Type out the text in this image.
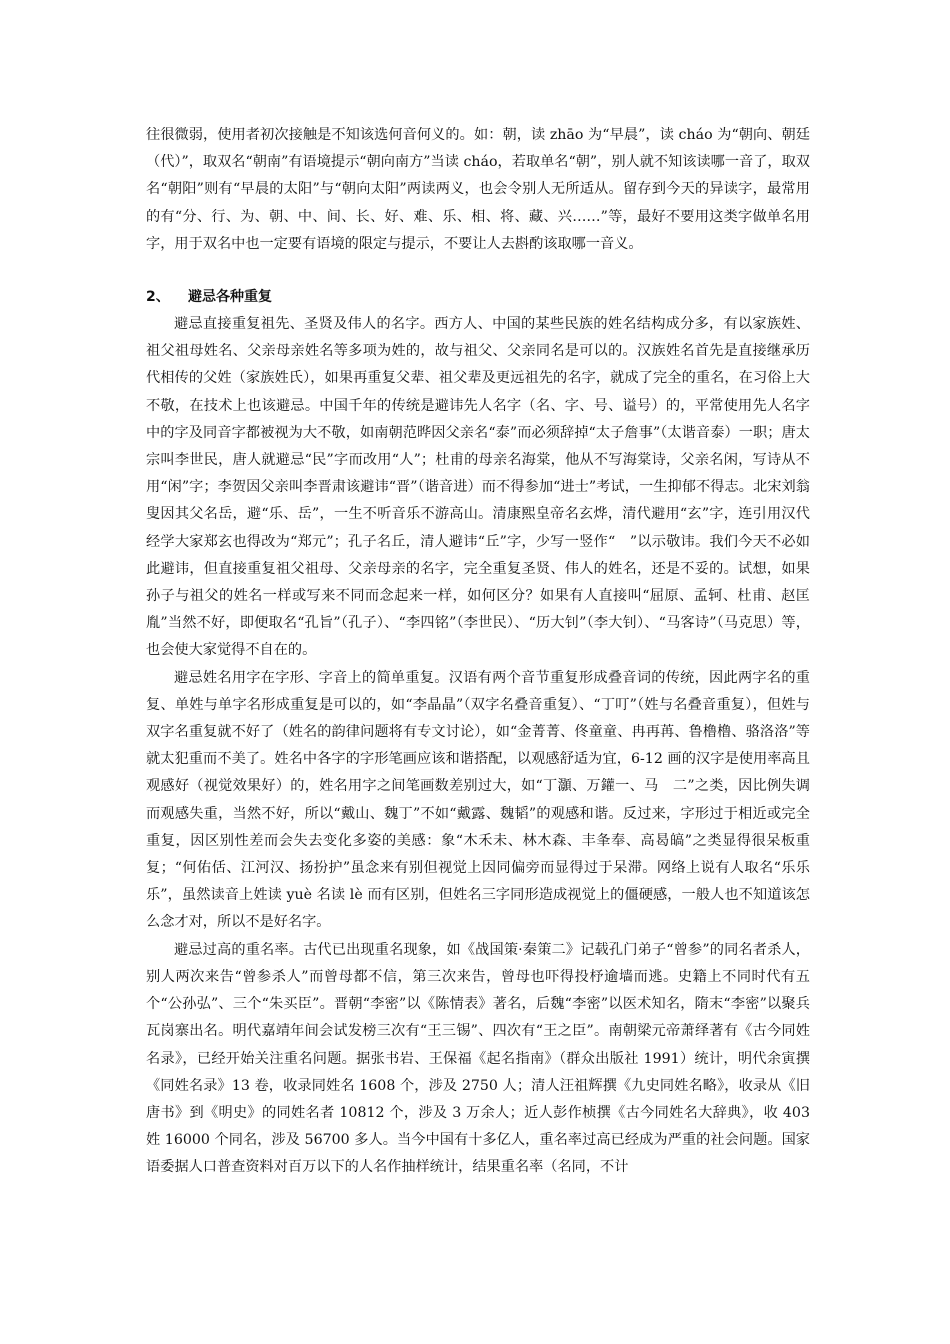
往很微弱，使用者初次接触是不知该选何音何义的。如：朝，读 zhāo 为“早晨”，读 cháo 为“朝向、朝廷（代）”，取双名“朝南”有语境提示“朝向南方”当读 cháo，若取单名“朝”，别人就不知该读哪一音了，取双名“朝阳”则有“早晨的太阳”与“朝向太阳”两读两义，也会令别人无所适从。留存到今天的异读字，最常用的有“分、行、为、朝、中、间、长、好、难、乐、相、将、藏、兴……”等，最好不要用这类字做单名用字，用于双名中也一定要有语境的限定与提示，不要让人去斟酌该取哪一音义。

2、 避忌各种重复

避忌直接重复祖先、圣贤及伟人的名字。西方人、中国的某些民族的姓名结构成分多，有以家族姓、祖父祖母姓名、父亲母亲姓名等多项为姓的，故与祖父、父亲同名是可以的。汉族姓名首先是直接继承历代相传的父姓（家族姓氏），如果再重复父辈、祖父辈及更远祖先的名字，就成了完全的重名，在习俗上大不敬，在技术上也该避忌。中国千年的传统是避讳先人名字（名、字、号、谥号）的，平常使用先人名字中的字及同音字都被视为大不敬，如南朝范晔因父亲名“泰”而必须辞掉“太子詹事”（太谐音泰）一职；唐太宗叫李世民，唐人就避忌“民”字而改用“人”；杜甫的母亲名海棠，他从不写海棠诗，父亲名闲，写诗从不用“闲”字；李贺因父亲叫李晋肃该避讳“晋”（谐音进）而不得参加“进士”考试，一生抑郁不得志。北宋刘翁叟因其父名岳，避“乐、岳”，一生不听音乐不游高山。清康熙皇帝名玄烨，清代避用“玄”字，连引用汉代经学大家郑玄也得改为“郑元”；孔子名丘，清人避讳“丘”字，少写一竖作“　”以示敬讳。我们今天不必如此避讳，但直接重复祖父祖母、父亲母亲的名字，完全重复圣贤、伟人的姓名，还是不妥的。试想，如果孙子与祖父的姓名一样或写来不同而念起来一样，如何区分？如果有人直接叫“屈原、孟轲、杜甫、赵匡胤”当然不好，即便取名“孔旨”（孔子）、“李四铭”（李世民）、“历大钊”（李大钊）、“马客诗”（马克思）等，也会使大家觉得不自在的。

避忌姓名用字在字形、字音上的简单重复。汉语有两个音节重复形成叠音词的传统，因此两字名的重复、单姓与单字名形成重复是可以的，如“李晶晶”（双字名叠音重复）、“丁叮”（姓与名叠音重复），但姓与双字名重复就不好了（姓名的韵律问题将有专文讨论），如“金菁菁、佟童童、冉再苒、鲁橹橹、骆洛洛”等就太犯重而不美了。姓名中各字的字形笔画应该和谐搭配，以观感舒适为宜，6-12 画的汉字是使用率高且观感好（视觉效果好）的，姓名用字之间笔画数差别过大，如“丁灝、万鑵一、马　二”之类，因比例失调而观感失重，当然不好，所以“戴山、魏丁”不如“戴露、魏韬”的观感和谐。反过来，字形过于相近或完全重复，因区别性差而会失去变化多姿的美感：象“木禾未、林木森、丰夆奉、高曷皜”之类显得很呆板重复；“何佑佸、江河汉、扬扮护”虽念来有别但视觉上因同偏旁而显得过于呆滞。网络上说有人取名“乐乐乐”，虽然读音上姓读 yuè 名读 lè 而有区别，但姓名三字同形造成视觉上的僵硬感，一般人也不知道该怎么念才对，所以不是好名字。

避忌过高的重名率。古代已出现重名现象，如《战国策·秦策二》记载孔门弟子“曾参”的同名者杀人，别人两次来告“曾参杀人”而曾母都不信，第三次来告，曾母也吓得投杼逾墙而逃。史籍上不同时代有五个“公孙弘”、三个“朱买臣”。晋朝“李密”以《陈情表》著名，后魏“李密”以医术知名，隋末“李密”以聚兵瓦岗寨出名。明代嘉靖年间会试发榜三次有“王三锡”、四次有“王之臣”。南朝梁元帝萧绎著有《古今同姓名录》，已经开始关注重名问题。据张书岩、王保福《起名指南》（群众出版社 1991）统计，明代余寅撰《同姓名录》13 卷，收录同姓名 1608 个，涉及 2750 人；清人汪祖辉撰《九史同姓名略》，收录从《旧唐书》到《明史》的同姓名者 10812 个，涉及 3 万余人；近人彭作桢撰《古今同姓名大辞典》，收 403 姓 16000 个同名，涉及 56700 多人。当今中国有十多亿人，重名率过高已经成为严重的社会问题。国家语委据人口普查资料对百万以下的人名作抽样统计，结果重名率（名同，不计
